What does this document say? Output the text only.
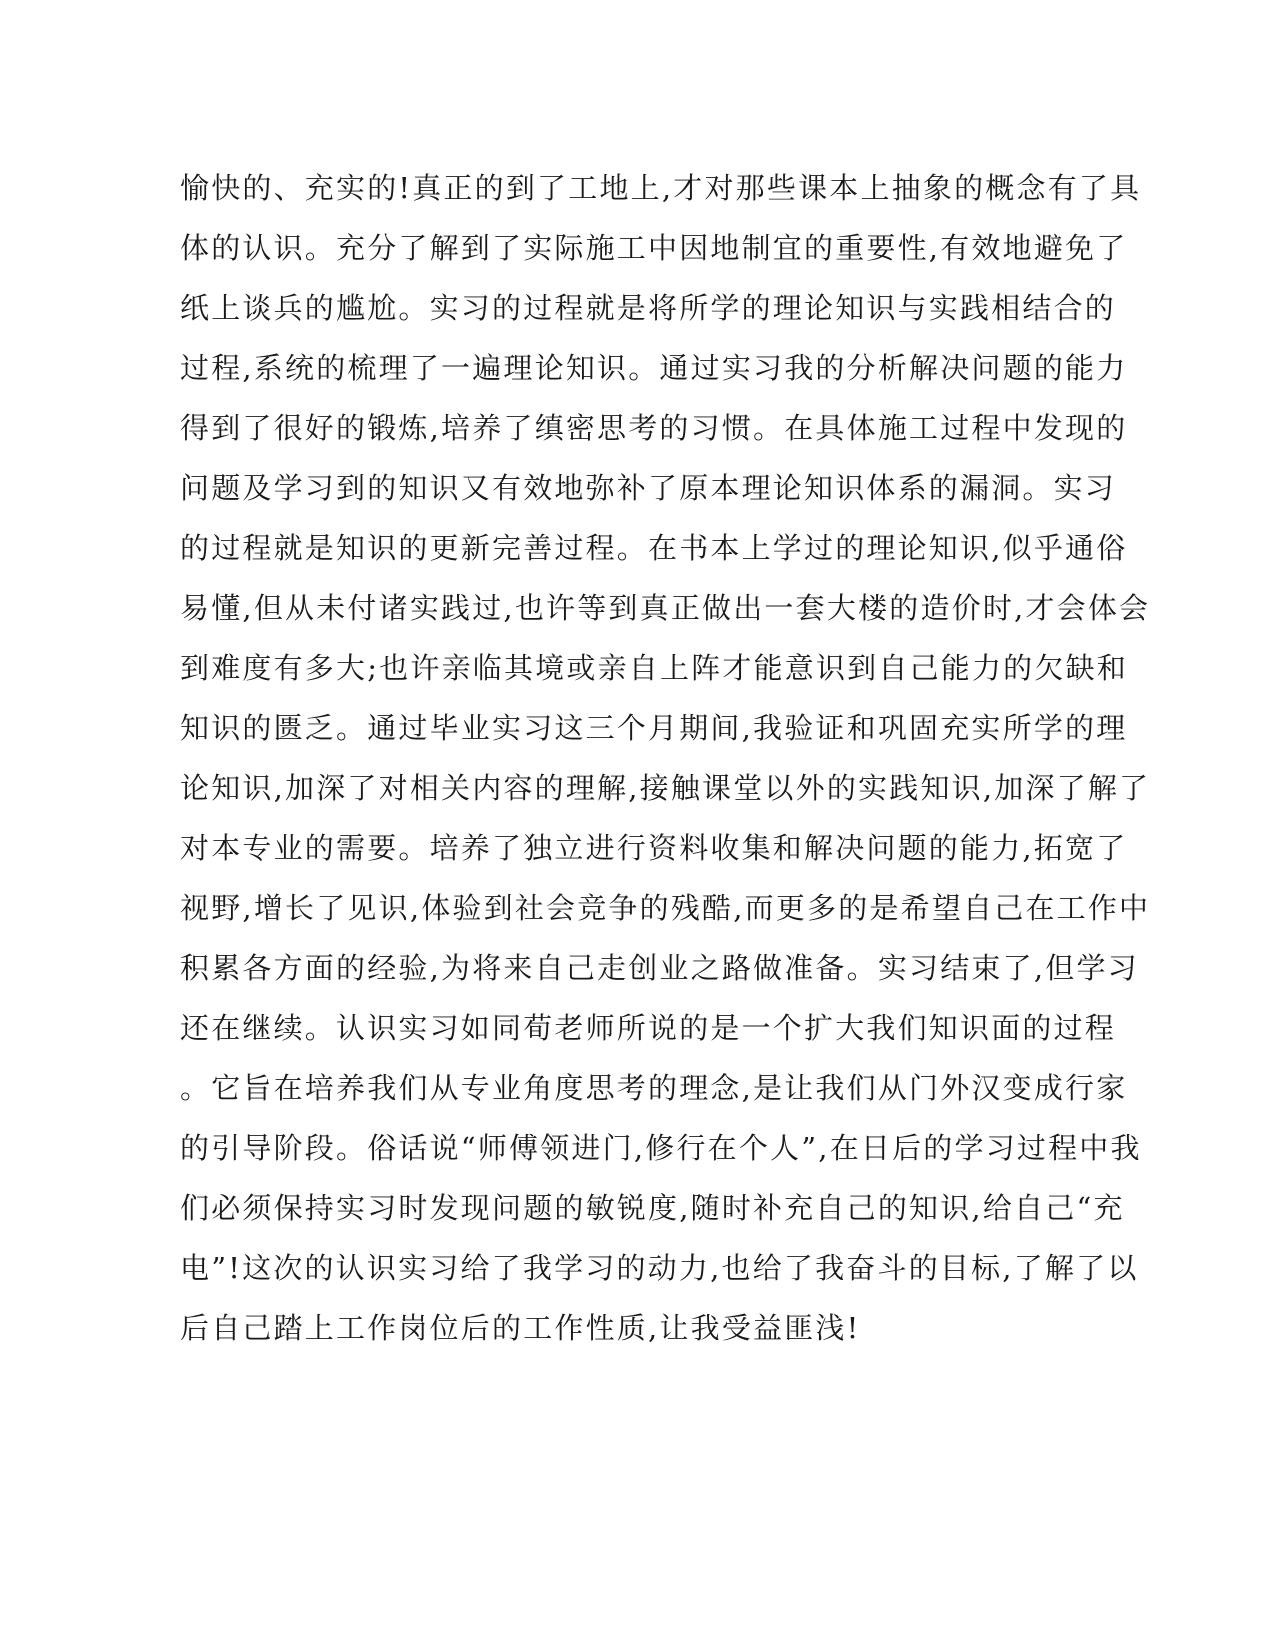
愉快的、充实的!真正的到了工地上,才对那些课本上抽象的概念有了具
体的认识。充分了解到了实际施工中因地制宜的重要性,有效地避免了
纸上谈兵的尴尬。实习的过程就是将所学的理论知识与实践相结合的
过程,系统的梳理了一遍理论知识。通过实习我的分析解决问题的能力
得到了很好的锻炼,培养了缜密思考的习惯。在具体施工过程中发现的
问题及学习到的知识又有效地弥补了原本理论知识体系的漏洞。实习
的过程就是知识的更新完善过程。在书本上学过的理论知识,似乎通俗
易懂,但从未付诸实践过,也许等到真正做出一套大楼的造价时,才会体会
到难度有多大;也许亲临其境或亲自上阵才能意识到自己能力的欠缺和
知识的匮乏。通过毕业实习这三个月期间,我验证和巩固充实所学的理
论知识,加深了对相关内容的理解,接触课堂以外的实践知识,加深了解了
对本专业的需要。培养了独立进行资料收集和解决问题的能力,拓宽了
视野,增长了见识,体验到社会竞争的残酷,而更多的是希望自己在工作中
积累各方面的经验,为将来自己走创业之路做准备。实习结束了,但学习
还在继续。认识实习如同荀老师所说的是一个扩大我们知识面的过程
。它旨在培养我们从专业角度思考的理念,是让我们从门外汉变成行家
的引导阶段。俗话说“师傅领进门,修行在个人”,在日后的学习过程中我
们必须保持实习时发现问题的敏锐度,随时补充自己的知识,给自己“充
电”!这次的认识实习给了我学习的动力,也给了我奋斗的目标,了解了以
后自己踏上工作岗位后的工作性质,让我受益匪浅!
